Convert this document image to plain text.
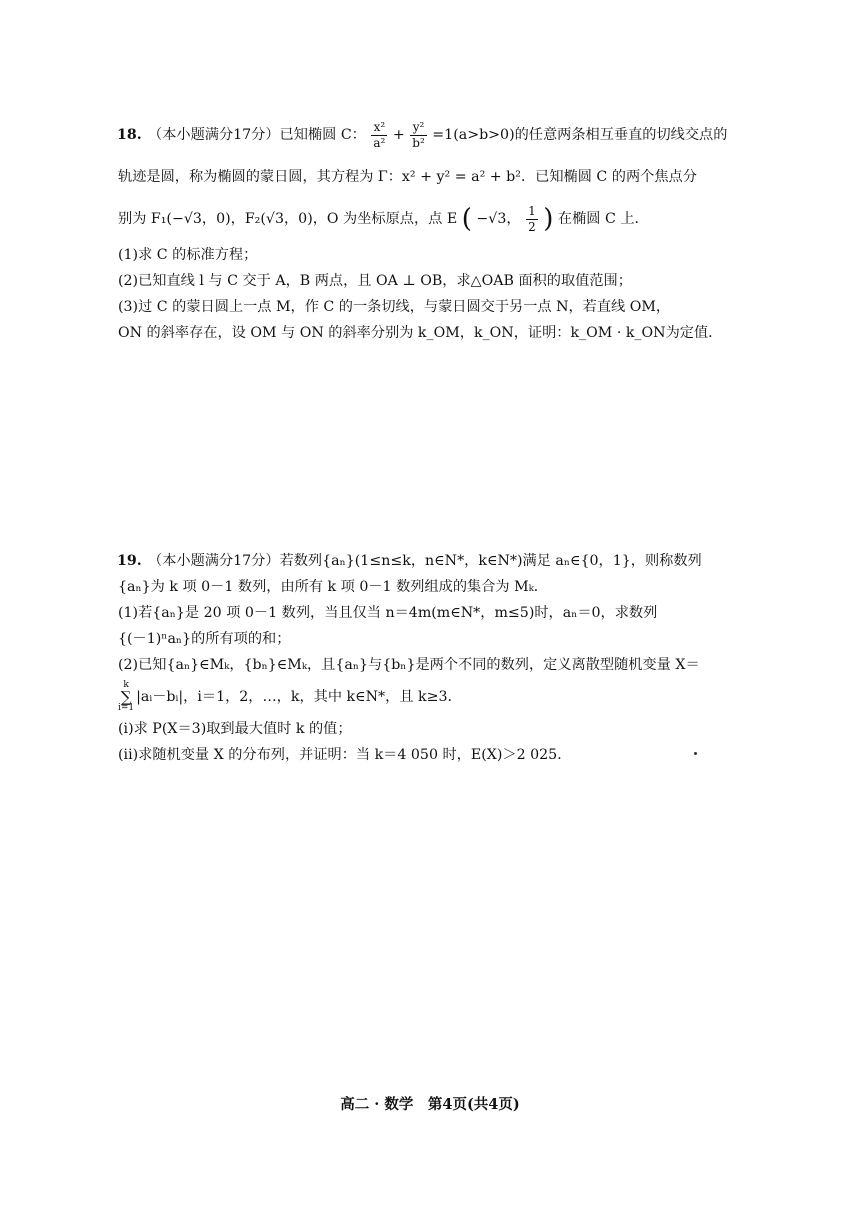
18. （本小题满分17分）已知椭圆 C： $\frac{\text{x²}}{\text{a²}} + \frac{\text{y²}}{\text{b²}} =1(a>b>0)$的任意两条相互垂直的切线交点的
轨迹是圆，称为椭圆的蒙日圆，其方程为 Γ：x² + y² = a² + b²．已知椭圆 C 的两个焦点分
别为 F₁(−√3，0)，F₂(√3，0)，O 为坐标原点，点 E ( −√3， $\frac{1}{2}$ ) 在椭圆 C 上．
(1)求 C 的标准方程；
(2)已知直线 l 与 C 交于 A，B 两点，且 OA ⊥ OB，求△OAB 面积的取值范围；
(3)过 C 的蒙日圆上一点 M，作 C 的一条切线，与蒙日圆交于另一点 N，若直线 OM，
ON 的斜率存在，设 OM 与 ON 的斜率分别为 k_OM，k_ON，证明：k_OM · k_ON为定值．
19. （本小题满分17分）若数列{aₙ}(1≤n≤k，n∈N*，k∈N*)满足 aₙ∈{0，1}，则称数列
{aₙ}为 k 项 0－1 数列，由所有 k 项 0－1 数列组成的集合为 Mₖ．
(1)若{aₙ}是 20 项 0－1 数列，当且仅当 n＝4m(m∈N*，m≤5)时，aₙ＝0，求数列
{(－1)ⁿaₙ}的所有项的和；
(2)已知{aₙ}∈Mₖ，{bₙ}∈Mₖ，且{aₙ}与{bₙ}是两个不同的数列，定义离散型随机变量 X＝
k
∑
i=1|aᵢ－bᵢ|，i＝1，2，…，k，其中 k∈N*，且 k≥3．
(i)求 P(X＝3)取到最大值时 k 的值；
(ii)求随机变量 X 的分布列，并证明：当 k＝4 050 时，E(X)＞2 025．
高二 · 数学　第4页(共4页)
